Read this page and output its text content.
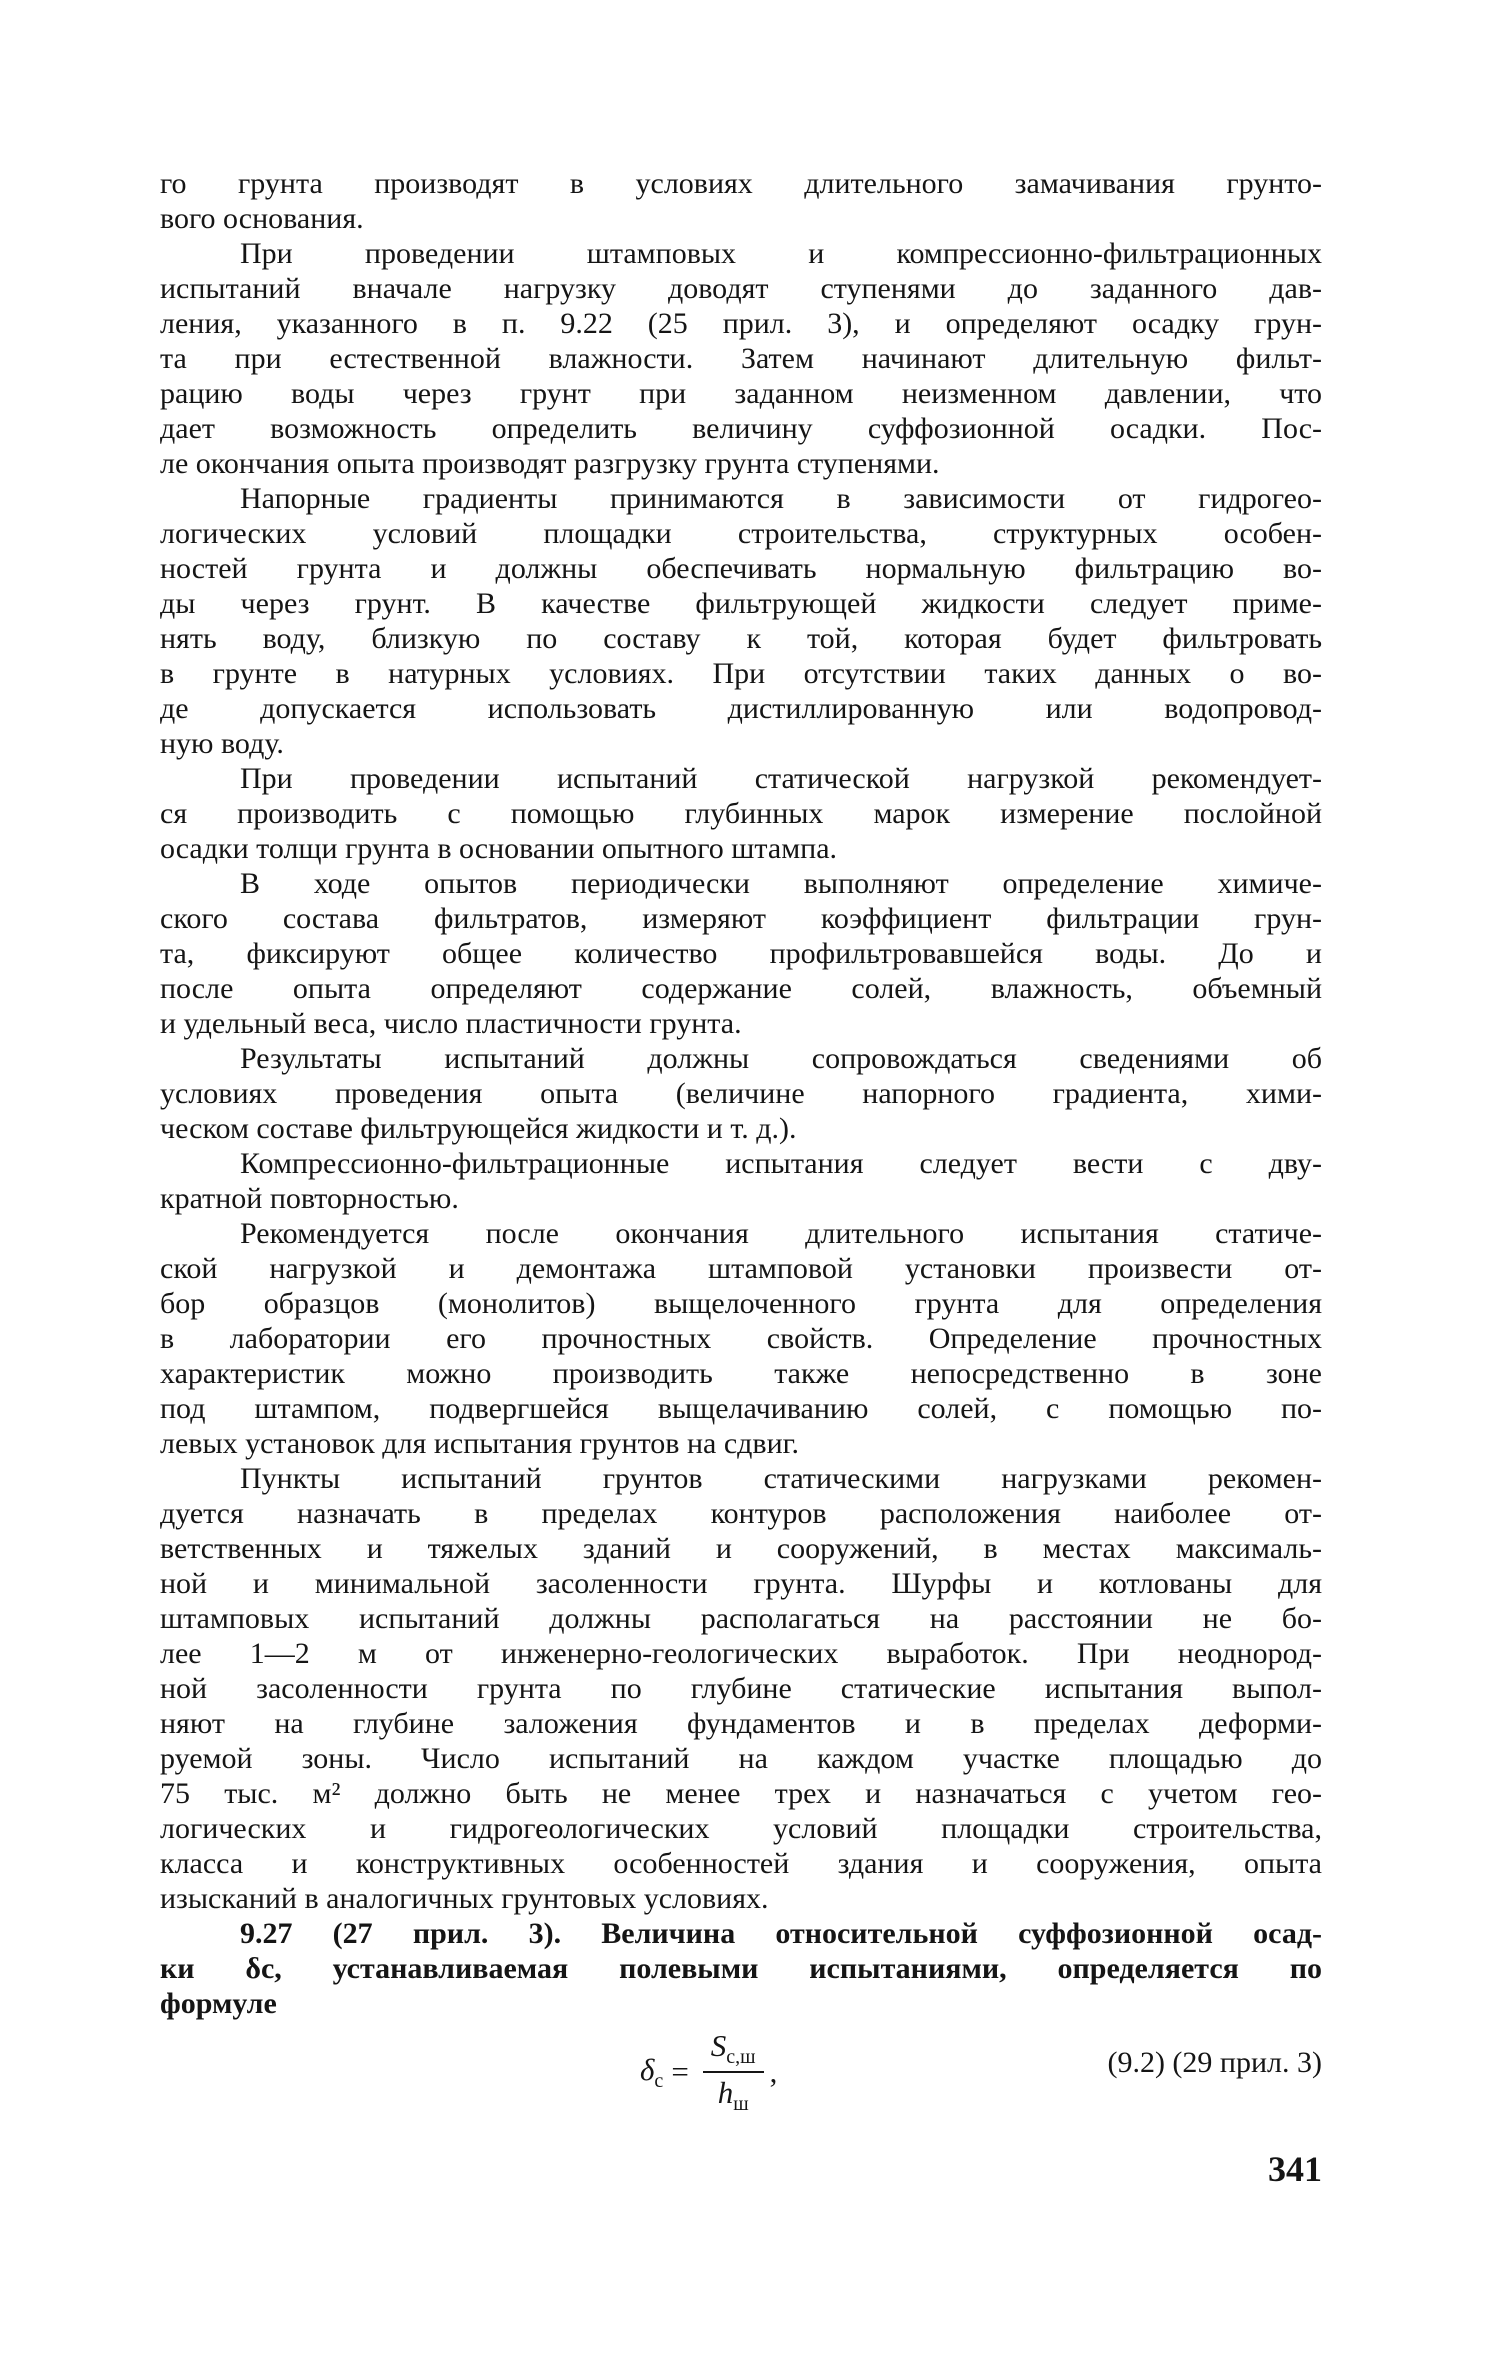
го грунта производят в условиях длительного замачивания грунто-
вого основания.
При проведении штамповых и компрессионно-фильтрационных
испытаний вначале нагрузку доводят ступенями до заданного дав-
ления, указанного в п. 9.22 (25 прил. 3), и определяют осадку грун-
та при естественной влажности. Затем начинают длительную фильт-
рацию воды через грунт при заданном неизменном давлении, что
дает возможность определить величину суффозионной осадки. Пос-
ле окончания опыта производят разгрузку грунта ступенями.
Напорные градиенты принимаются в зависимости от гидрогео-
логических условий площадки строительства, структурных особен-
ностей грунта и должны обеспечивать нормальную фильтрацию во-
ды через грунт. В качестве фильтрующей жидкости следует приме-
нять воду, близкую по составу к той, которая будет фильтровать
в грунте в натурных условиях. При отсутствии таких данных о во-
де допускается использовать дистиллированную или водопровод-
ную воду.
При проведении испытаний статической нагрузкой рекомендует-
ся производить с помощью глубинных марок измерение послойной
осадки толщи грунта в основании опытного штампа.
В ходе опытов периодически выполняют определение химиче-
ского состава фильтратов, измеряют коэффициент фильтрации грун-
та, фиксируют общее количество профильтровавшейся воды. До и
после опыта определяют содержание солей, влажность, объемный
и удельный веса, число пластичности грунта.
Результаты испытаний должны сопровождаться сведениями об
условиях проведения опыта (величине напорного градиента, хими-
ческом составе фильтрующейся жидкости и т. д.).
Компрессионно-фильтрационные испытания следует вести с дву-
кратной повторностью.
Рекомендуется после окончания длительного испытания статиче-
ской нагрузкой и демонтажа штамповой установки произвести от-
бор образцов (монолитов) выщелоченного грунта для определения
в лаборатории его прочностных свойств. Определение прочностных
характеристик можно производить также непосредственно в зоне
под штампом, подвергшейся выщелачиванию солей, с помощью по-
левых установок для испытания грунтов на сдвиг.
Пункты испытаний грунтов статическими нагрузками рекомен-
дуется назначать в пределах контуров расположения наиболее от-
ветственных и тяжелых зданий и сооружений, в местах максималь-
ной и минимальной засоленности грунта. Шурфы и котлованы для
штамповых испытаний должны располагаться на расстоянии не бо-
лее 1—2 м от инженерно-геологических выработок. При неоднород-
ной засоленности грунта по глубине статические испытания выпол-
няют на глубине заложения фундаментов и в пределах деформи-
руемой зоны. Число испытаний на каждом участке площадью до
75 тыс. м² должно быть не менее трех и назначаться с учетом гео-
логических и гидрогеологических условий площадки строительства,
класса и конструктивных особенностей здания и сооружения, опыта
изысканий в аналогичных грунтовых условиях.
9.27 (27 прил. 3). Величина относительной суффозионной осад-
ки δc, устанавливаемая полевыми испытаниями, определяется по
формуле
$\delta_c = \frac{S_{c,ш}}{h_ш}$ ,	(9.2) (29 прил. 3)
341
